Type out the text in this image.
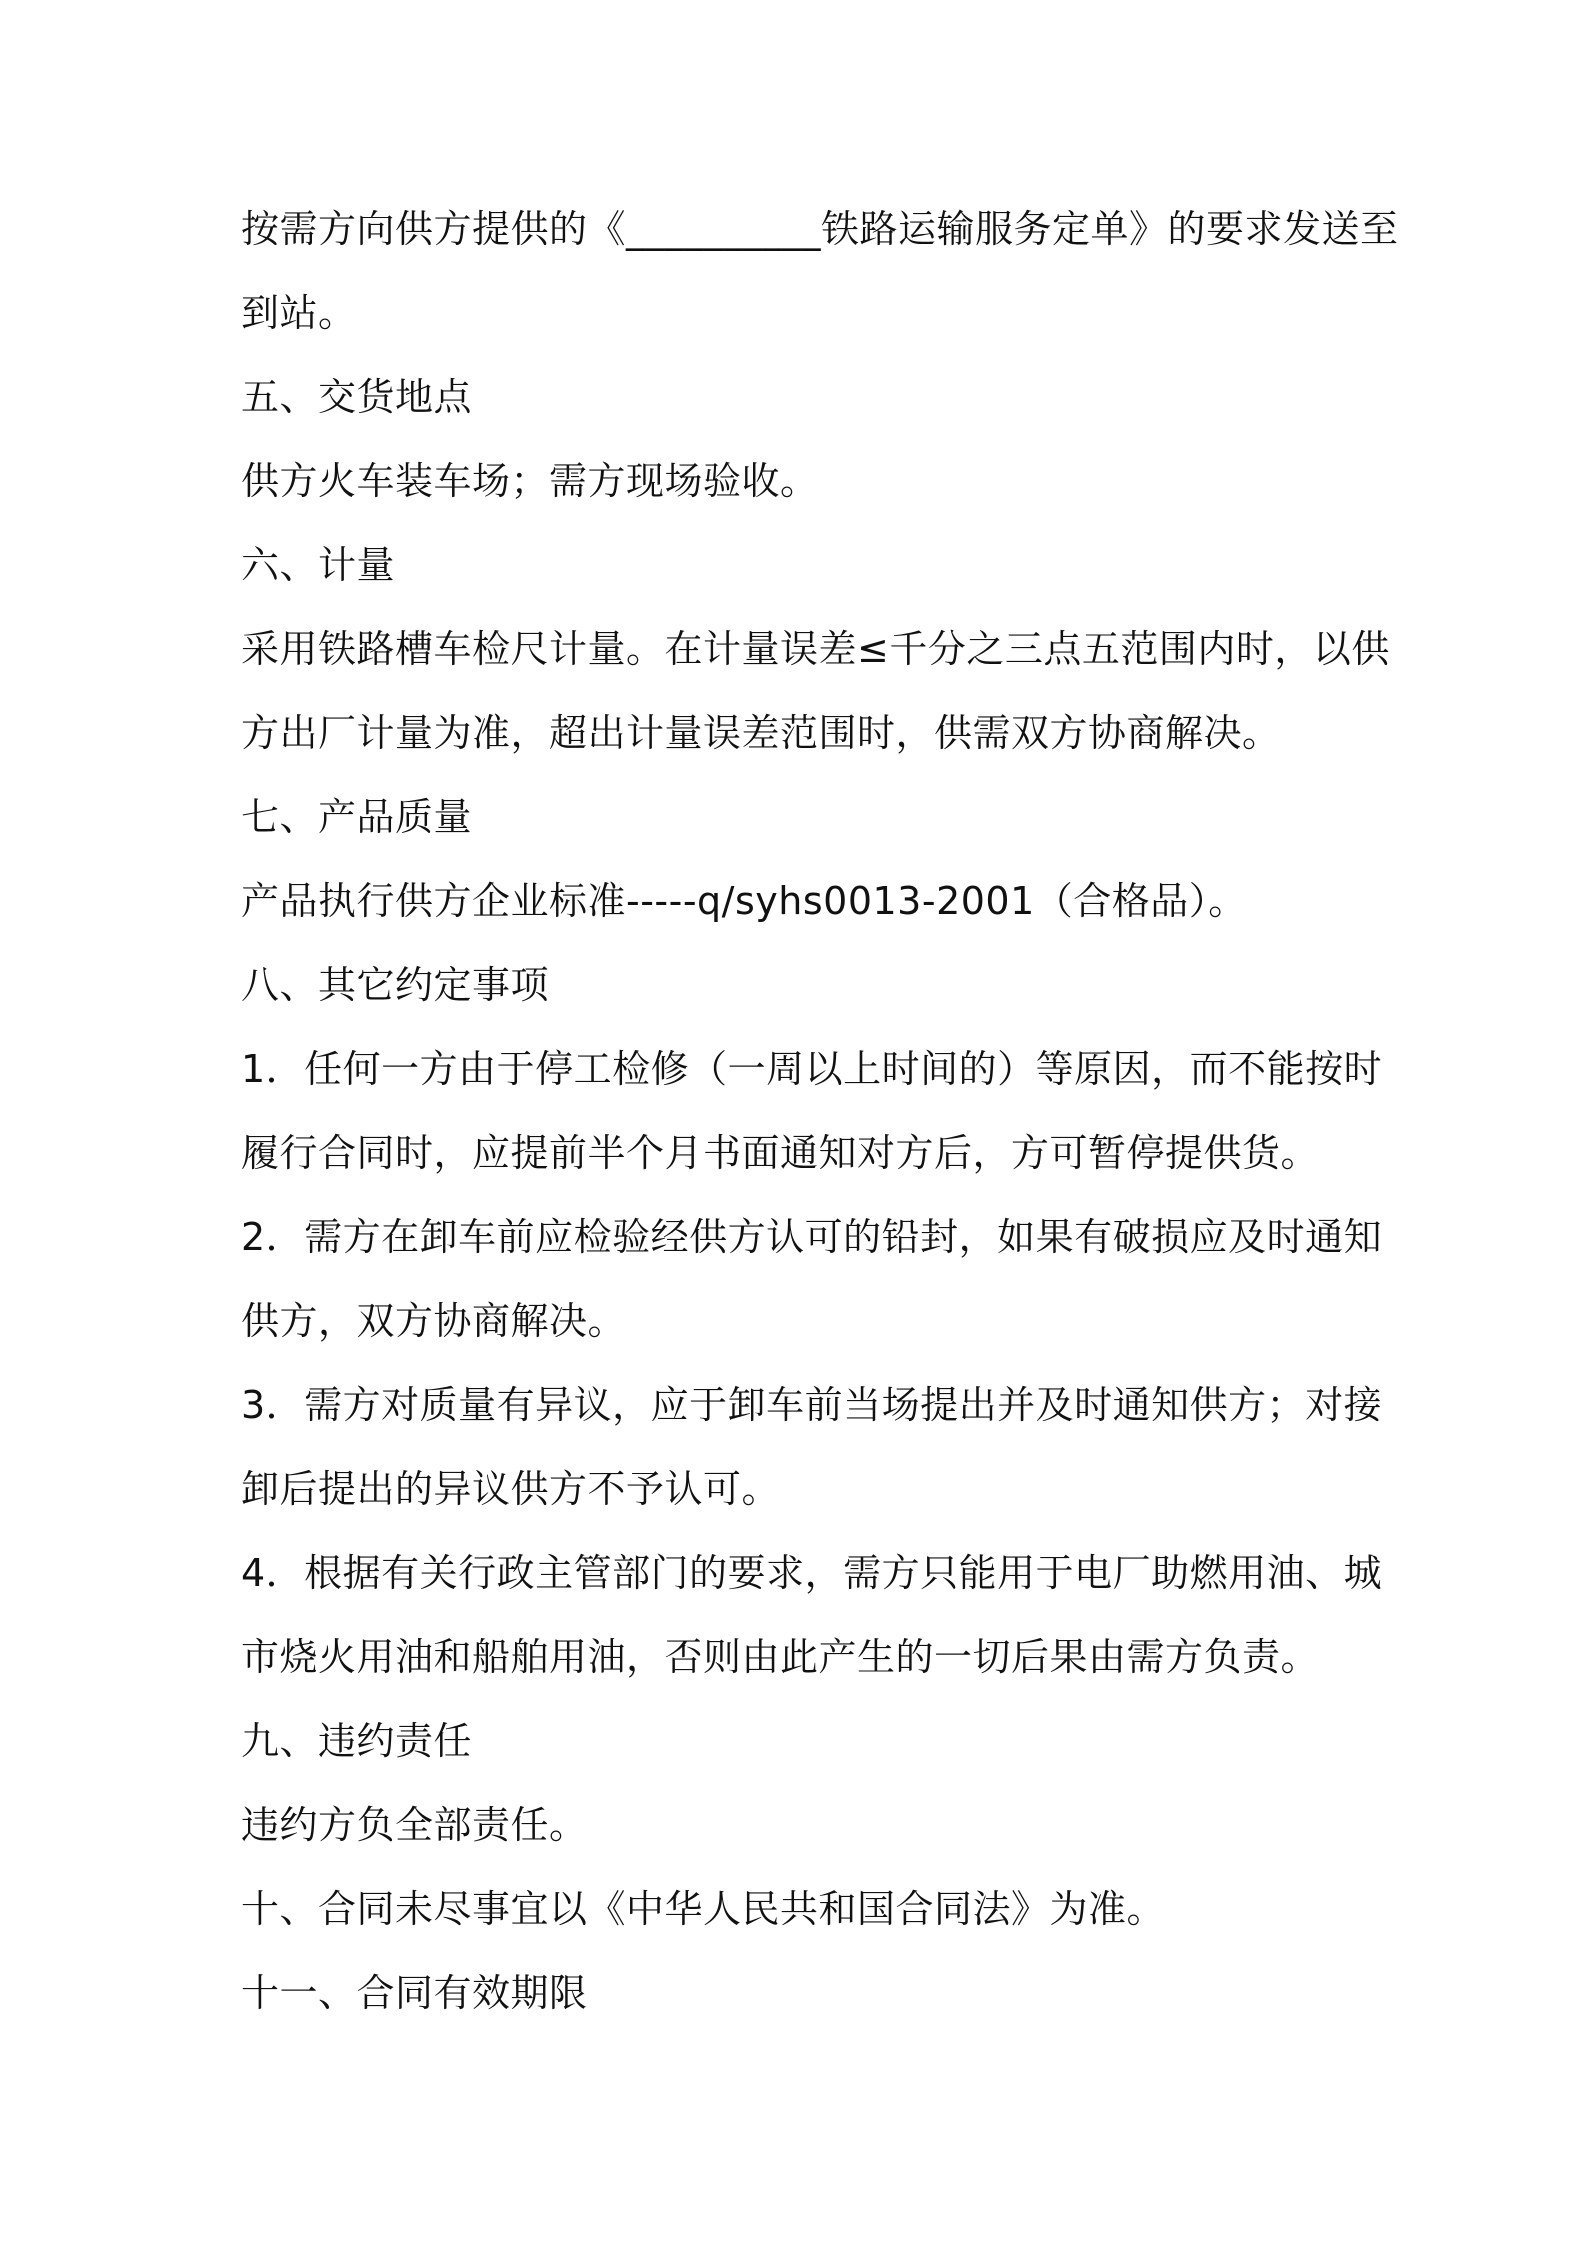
按需方向供方提供的《__________铁路运输服务定单》的要求发送至
到站。
五、交货地点
供方火车装车场；需方现场验收。
六、计量
采用铁路槽车检尺计量。在计量误差≤千分之三点五范围内时，以供
方出厂计量为准，超出计量误差范围时，供需双方协商解决。
七、产品质量
产品执行供方企业标准-----q/syhs0013-2001（合格品）。
八、其它约定事项
1．任何一方由于停工检修（一周以上时间的）等原因，而不能按时
履行合同时，应提前半个月书面通知对方后，方可暂停提供货。
2．需方在卸车前应检验经供方认可的铅封，如果有破损应及时通知
供方，双方协商解决。
3．需方对质量有异议，应于卸车前当场提出并及时通知供方；对接
卸后提出的异议供方不予认可。
4．根据有关行政主管部门的要求，需方只能用于电厂助燃用油、城
市烧火用油和船舶用油，否则由此产生的一切后果由需方负责。
九、违约责任
违约方负全部责任。
十、合同未尽事宜以《中华人民共和国合同法》为准。
十一、合同有效期限
